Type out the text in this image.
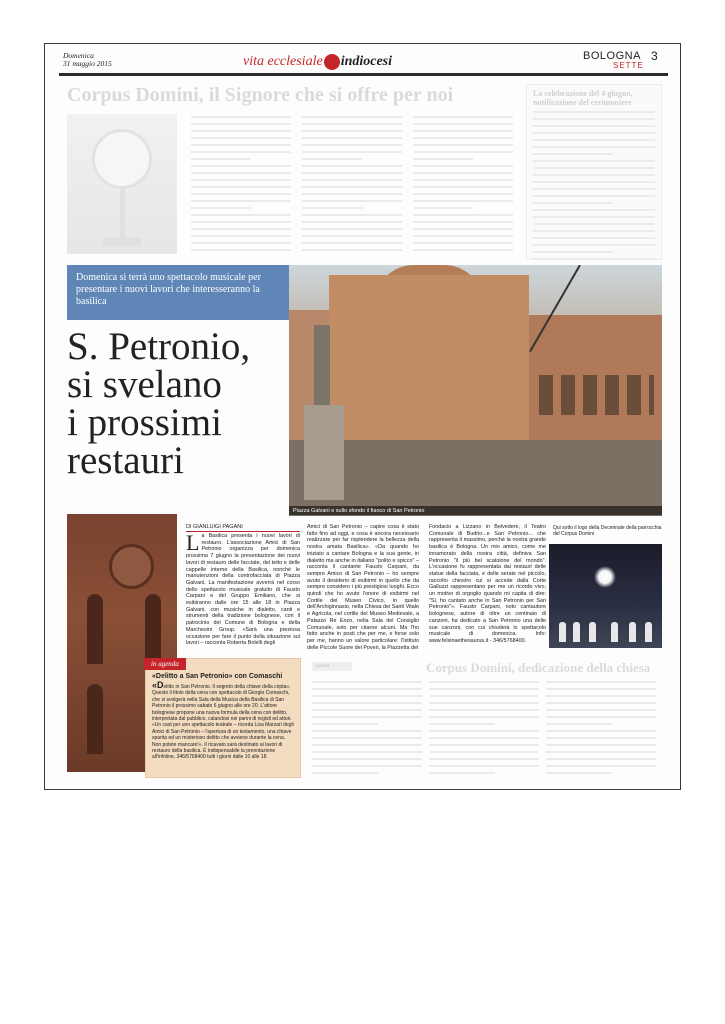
Domenica
31 maggio 2015	vita ecclesiale indiocesi	BOLOGNA
SETTE
3
Corpus Domini, il Signore che si offre per noi	La celebrazione del 4 giugno, notificazione del cerimoniere
Domenica si terrà uno spettacolo musicale per presentare i nuovi lavori che interesseranno la basilica
Piazza Galvani e sullo sfondo il fianco di San Petronio
S. Petronio,
si svelano
i prossimi
restauri
DI GIANLUIGI PAGANI
La Basilica presenta i nuovi lavori di restauro. L'associazione Amici di San Petronio organizza per domenica prossima 7 giugno la presentazione dei nuovi lavori di restauro delle facciate, del tetto e delle cappelle interne della Basilica, nonché le manutenzioni della controfacciata di Piazza Galvani. La manifestazione avverrà nel corso dello spettacolo musicale gratuito di Fausto Carpani e del Gruppo Emiliano, che si esibiranno dalle ore 15 alle 18 in Piazza Galvani, con musiche in dialetto, canti e strumenti della tradizione bolognese, con il patrocinio del Comune di Bologna e della Marchesini Group. «Sarà una preziosa occasione per fare il punto della situazione sui lavori – racconta Roberta Bolelli degli
Amici di San Petronio – capire cosa è stato fatto fino ad oggi, e cosa è ancora necessario realizzare per far risplendere la bellezza della nostra amata Basilica». «Da quando ho iniziato a cantare Bologna e la sua gente, in dialetto ma anche in italiano "polito e spicco" – racconta il cantante Fausto Carpani, da sempre Amico di San Petronio – ho sempre avuto il desiderio di esibirmi in quello che da sempre considero i più prestigiosi luoghi. Ecco quindi che ho avuto l'onore di esibirmi nel Cortile del Museo Civico, in quello dell'Archiginnasio, nella Chiesa dei Santi Vitale e Agricola, nel cortile del Museo Medievale, a Palazzo Re Enzo, nella Sala del Consiglio Comunale, solo per citarne alcuni. Ma l'ho fatto anche in posti che per me, e forse solo per me, hanno un valore particolare: l'Istituto delle Piccole Suore dei Poveri, la Piazzetta del
Fondacio a Lizzano in Belvedere, il Teatro Comunale di Budrio...e San Petronio... che rappresenta il massimo, perché la nostra grande basilica è Bologna. Un mio amico, come me innamorato della nostra città, definiva San Petronio "il più bel scatolone del mondo". L'occasione fu rappresentata dai restauri delle statue della facciata, e delle serate nel piccolo, raccolto chiostro cui si accede dalla Corte Galluzzi rappresentano per me un ricordo vivo, un motivo di orgoglio quando mi capita di dire: "Sì, ho cantato anche in San Petronio per San Petronio"». Fausto Carpani, noto cantautore bolognese, autore di oltre un centinaio di canzoni, ha dedicato a San Petronio una delle sue canzoni, con cui chiuderà lo spettacolo musicale di domenica. Info: www.felsinaethesaurus.it - 346/5768400.
Qui sotto il logo della Decennale della parrocchia del Corpus Domini
in agenda
«Delitto a San Petronio» con Comaschi
«Delitto in San Petronio. Il segreto della chiave della cripta». Questo il titolo della cena con spettacolo di Giorgio Comaschi, che si svolgerà nella Sala della Musica della Basilica di San Petronio il prossimo sabato 6 giugno alle ore 20. L'attore bolognese propone una nuova formula della cena con delitto, interpretata dal pubblico, calandosi nei panni di registi ed attori. «Un cast per uno spettacolo teatrale – ricorda Lisa Marzari degli Amici di San Petronio – l'apertura di un testamento, una chiave sparita ed un misterioso delitto che avviene durante la cena. Non potete mancare!». Il ricavato sarà destinato ai lavori di restauro della basilica. È indispensabile la prenotazione all'infoline, 346/5768400 tutti i giorni dalle 10 alle 18.
Stasera	Corpus Domini, dedicazione della chiesa
